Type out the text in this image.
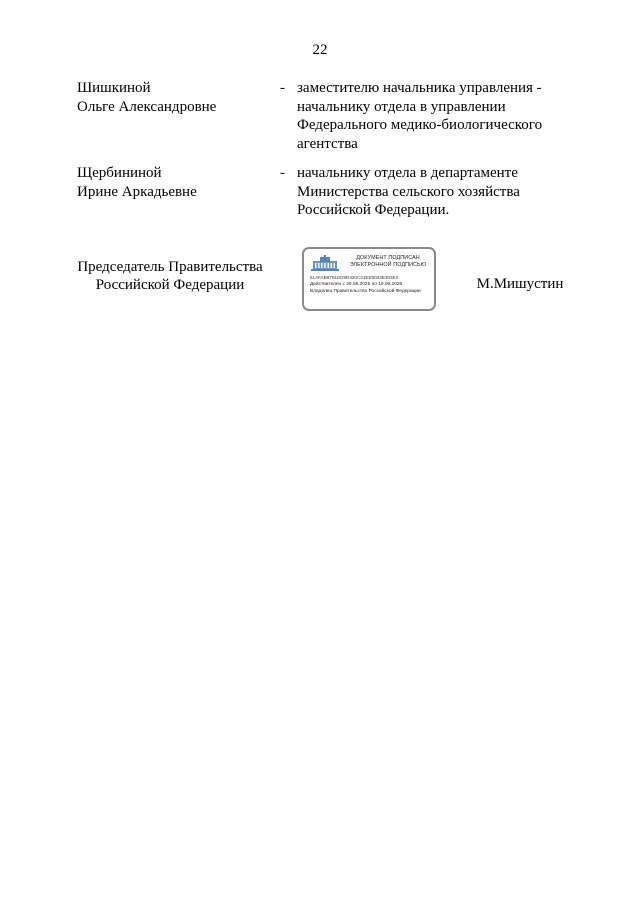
22
Шишкиной
Ольге Александровне
- заместителю начальника управления -
начальнику отдела в управлении
Федерального медико-биологического
агентства
Щербининой
Ирине Аркадьевне
- начальнику отдела в департаменте
Министерства сельского хозяйства
Российской Федерации.
Председатель Правительства
Российской Федерации
ДОКУМЕНТ ПОДПИСАН
ЭЛЕКТРОННОЙ ПОДПИСЬЮ
51AFAB6781ED9D420C41EE5043E303E3
Действителен с 26.06.2025 по 19.09.2026
Владелец Правительство Российской Федерации	М.Мишустин
